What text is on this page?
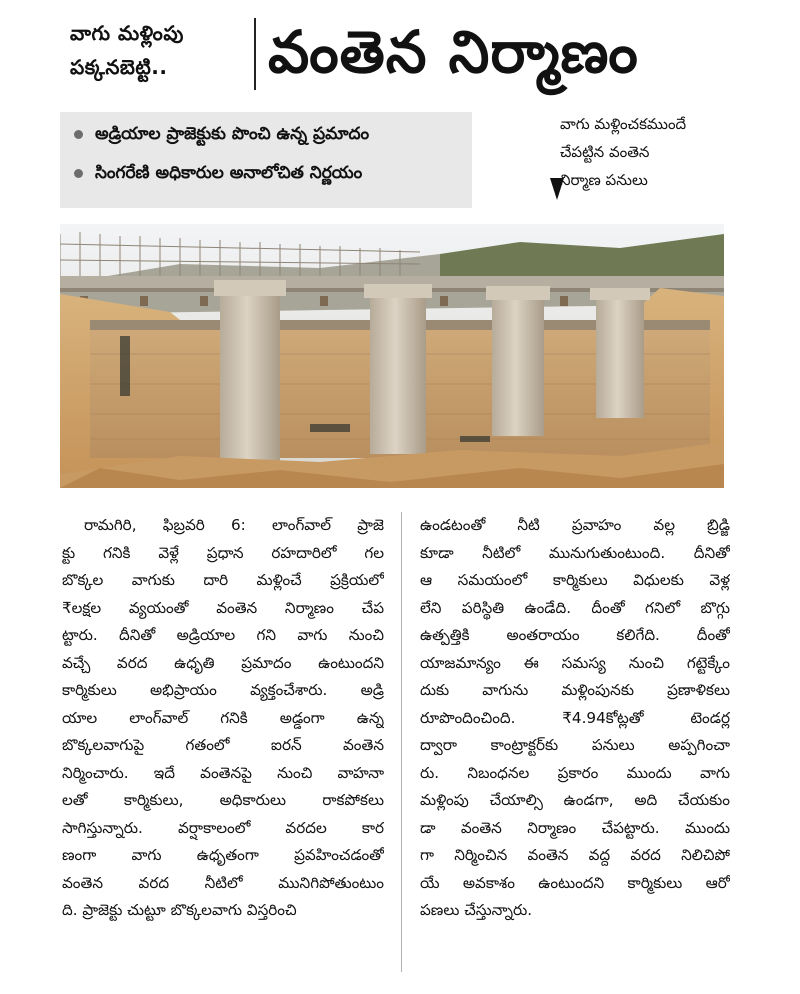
వాగు మళ్లింపు
పక్కనబెట్టి..	వంతెన నిర్మాణం
అడ్రియాల ప్రాజెక్టుకు పొంచి ఉన్న ప్రమాదం
సింగరేణి అధికారుల అనాలోచిత నిర్ణయం
వాగు మళ్లించకముందే
చేపట్టిన వంతెన
నిర్మాణ పనులు
రామగిరి, ఫిబ్రవరి 6: లాంగ్‌వాల్ ప్రాజె
క్టు గనికి వెళ్లే ప్రధాన రహదారిలో గల
బొక్కల వాగుకు దారి మళ్లించే ప్రక్రియలో
₹లక్షల వ్యయంతో వంతెన నిర్మాణం చేప
ట్టారు. దీనితో అడ్రియాల గని వాగు నుంచి
వచ్చే వరద ఉధృతి ప్రమాదం ఉంటుందని
కార్మికులు అభిప్రాయం వ్యక్తంచేశారు. అడ్రి
యాల లాంగ్‌వాల్ గనికి అడ్డంగా ఉన్న
బొక్కలవాగుపై గతంలో ఐరన్ వంతెన
నిర్మించారు. ఇదే వంతెనపై నుంచి వాహనా
లతో కార్మికులు, అధికారులు రాకపోకలు
సాగిస్తున్నారు. వర్షాకాలంలో వరదల కార
ణంగా వాగు ఉధృతంగా ప్రవహించడంతో
వంతెన వరద నీటిలో మునిగిపోతుంటుం
ది. ప్రాజెక్టు చుట్టూ బొక్కలవాగు విస్తరించి
ఉండటంతో నీటి ప్రవాహం వల్ల బ్రిడ్జి
కూడా నీటిలో మునుగుతుంటుంది. దీనితో
ఆ సమయంలో కార్మికులు విధులకు వెళ్ల
లేని పరిస్థితి ఉండేది. దీంతో గనిలో బొగ్గు
ఉత్పత్తికి అంతరాయం కలిగేది. దీంతో
యాజమాన్యం ఈ సమస్య నుంచి గట్టెక్కేం
దుకు వాగును మళ్లింపునకు ప్రణాళికలు
రూపొందించింది. ₹4.94కోట్లతో టెండర్ల
ద్వారా కాంట్రాక్టర్‌కు పనులు అప్పగించా
రు. నిబంధనల ప్రకారం ముందు వాగు
మళ్లింపు చేయాల్సి ఉండగా, అది చేయకుం
డా వంతెన నిర్మాణం చేపట్టారు. ముందు
గా నిర్మించిన వంతెన వద్ద వరద నిలిచిపో
యే అవకాశం ఉంటుందని కార్మికులు ఆరో
పణలు చేస్తున్నారు.
